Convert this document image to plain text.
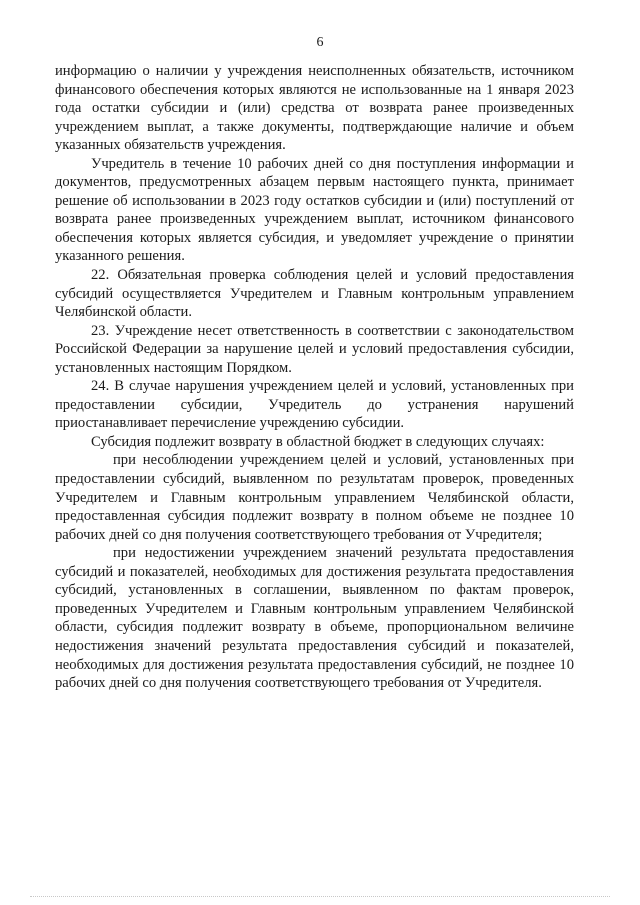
6

информацию о наличии у учреждения неисполненных обязательств, источником финансового обеспечения которых являются не использованные на 1 января 2023 года остатки субсидии и (или) средства от возврата ранее произведенных учреждением выплат, а также документы, подтверждающие наличие и объем указанных обязательств учреждения.

Учредитель в течение 10 рабочих дней со дня поступления информации и документов, предусмотренных абзацем первым настоящего пункта, принимает решение об использовании в 2023 году остатков субсидии и (или) поступлений от возврата ранее произведенных учреждением выплат, источником финансового обеспечения которых является субсидия, и уведомляет учреждение о принятии указанного решения.

22. Обязательная проверка соблюдения целей и условий предоставления субсидий осуществляется Учредителем и Главным контрольным управлением Челябинской области.

23. Учреждение несет ответственность в соответствии с законодательством Российской Федерации за нарушение целей и условий предоставления субсидии, установленных настоящим Порядком.

24. В случае нарушения учреждением целей и условий, установленных при предоставлении субсидии, Учредитель до устранения нарушений приостанавливает перечисление учреждению субсидии.

Субсидия подлежит возврату в областной бюджет в следующих случаях:

при несоблюдении учреждением целей и условий, установленных при предоставлении субсидий, выявленном по результатам проверок, проведенных Учредителем и Главным контрольным управлением Челябинской области, предоставленная субсидия подлежит возврату в полном объеме не позднее 10 рабочих дней со дня получения соответствующего требования от Учредителя;

при недостижении учреждением значений результата предоставления субсидий и показателей, необходимых для достижения результата предоставления субсидий, установленных в соглашении, выявленном по фактам проверок, проведенных Учредителем и Главным контрольным управлением Челябинской области, субсидия подлежит возврату в объеме, пропорциональном величине недостижения значений результата предоставления субсидий и показателей, необходимых для достижения результата предоставления субсидий, не позднее 10 рабочих дней со дня получения соответствующего требования от Учредителя.
